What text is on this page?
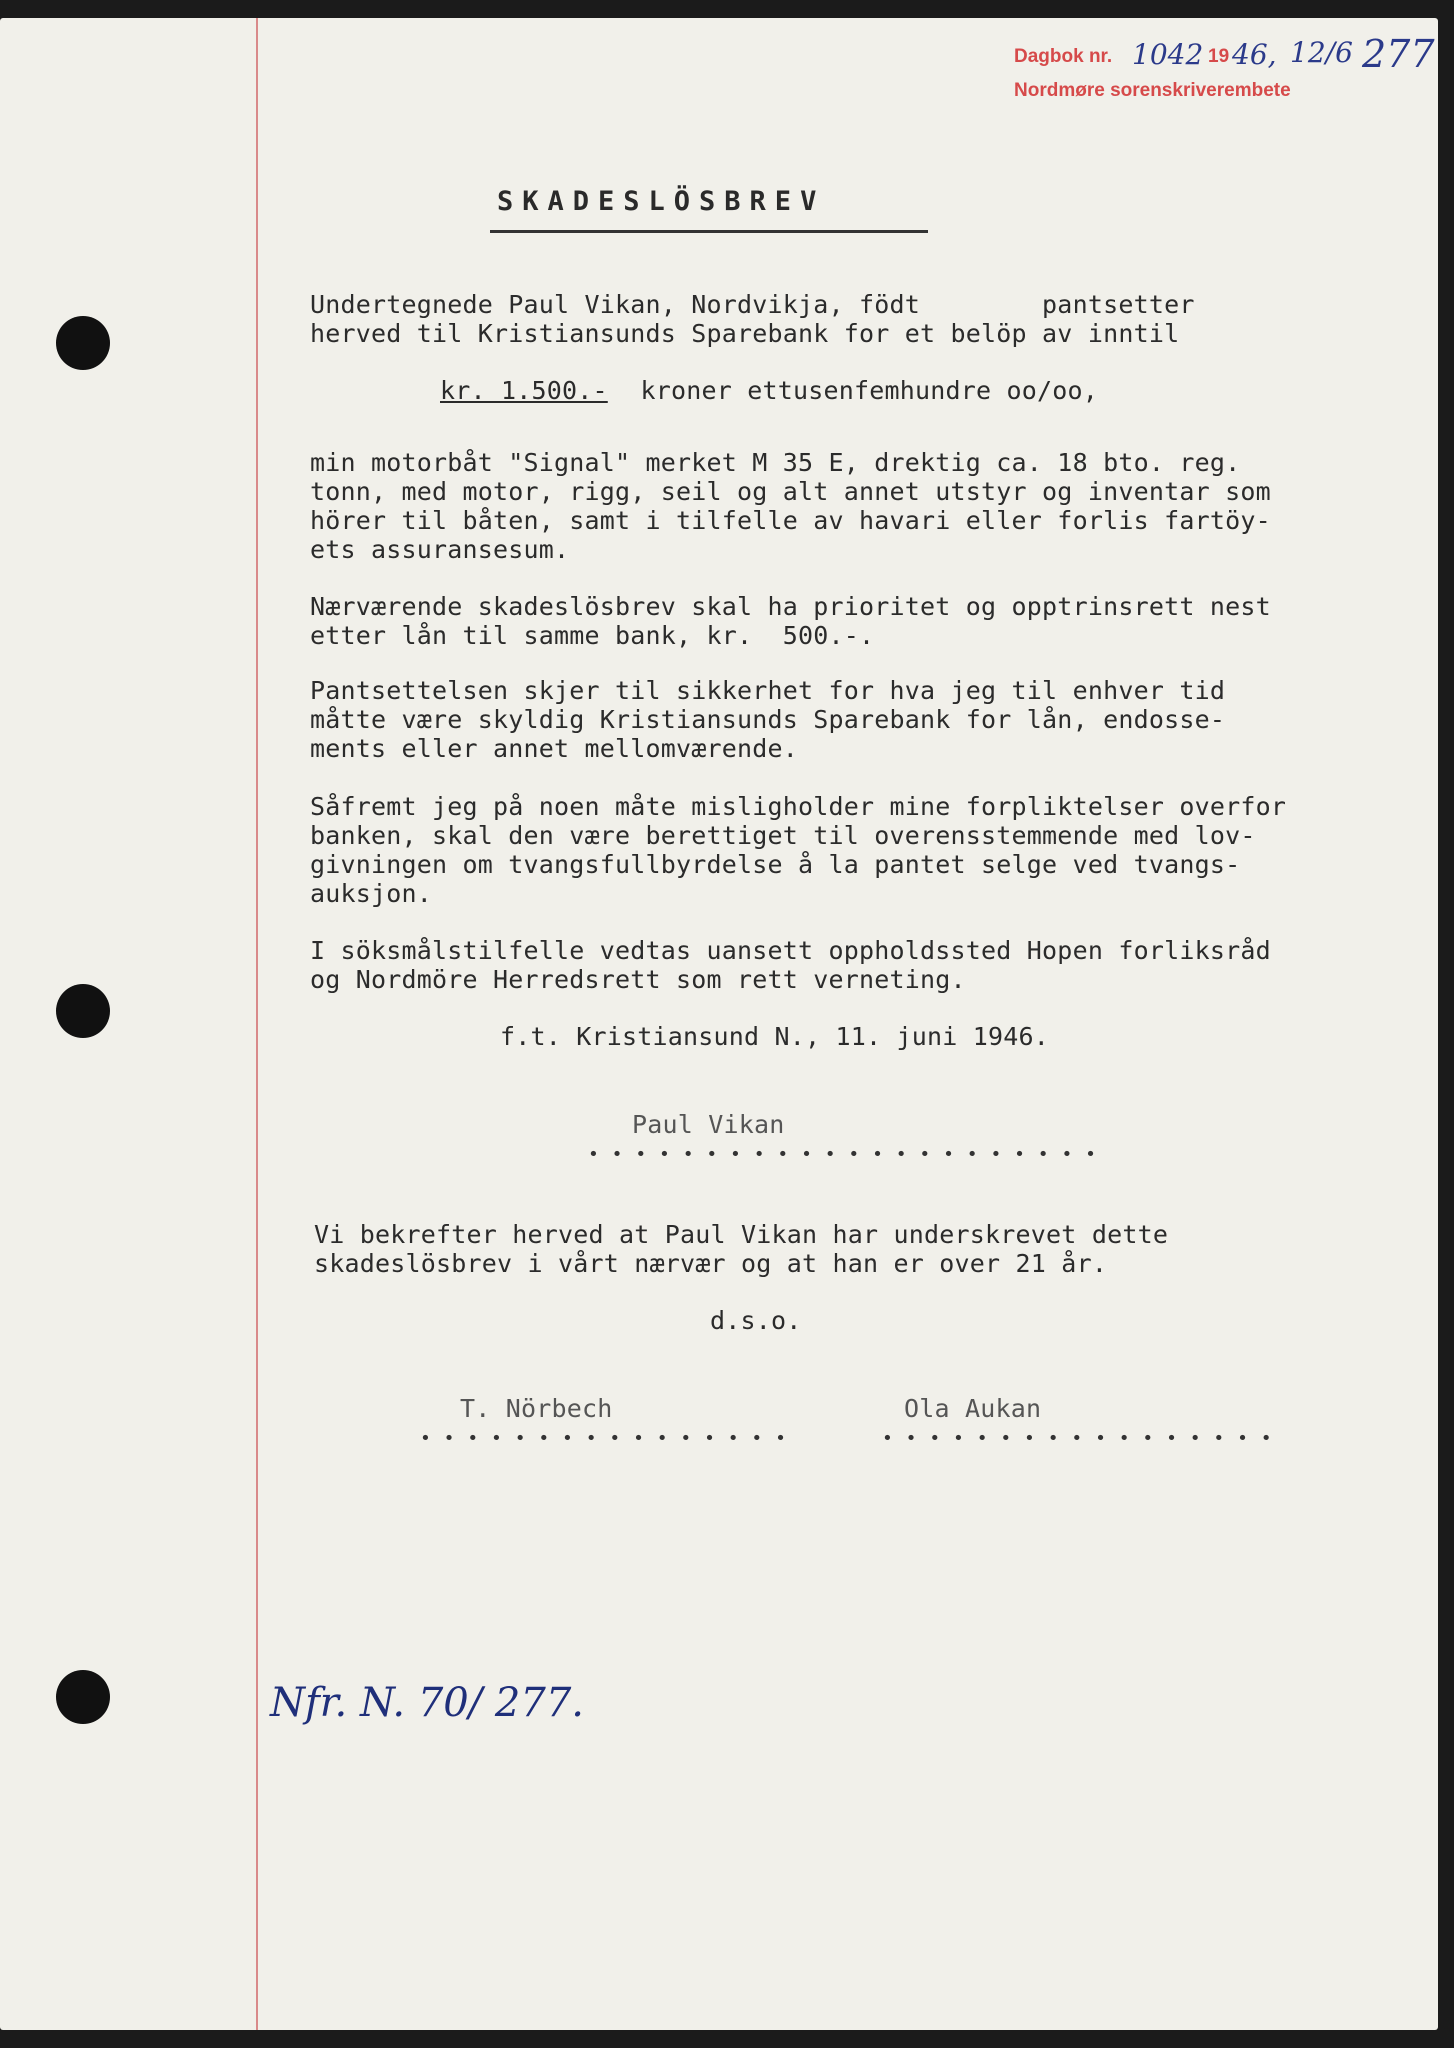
Dagbok nr. 1042 19 46, 12/6 277
Nordmøre sorenskriverembete
SKADESLÖSBREV
Undertegnede Paul Vikan, Nordvikja, födt        pantsetter
herved til Kristiansunds Sparebank for et belöp av inntil
kr. 1.500.- kroner ettusenfemhundre oo/oo,
min motorbåt "Signal" merket M 35 E, drektig ca. 18 bto. reg.
tonn, med motor, rigg, seil og alt annet utstyr og inventar som
hörer til båten, samt i tilfelle av havari eller forlis fartöy-
ets assuransesum.
Nærværende skadeslösbrev skal ha prioritet og opptrinsrett nest
etter lån til samme bank, kr.  500.-.
Pantsettelsen skjer til sikkerhet for hva jeg til enhver tid
måtte være skyldig Kristiansunds Sparebank for lån, endosse-
ments eller annet mellomværende.
Såfremt jeg på noen måte misligholder mine forpliktelser overfor
banken, skal den være berettiget til overensstemmende med lov-
givningen om tvangsfullbyrdelse å la pantet selge ved tvangs-
auksjon.
I söksmålstilfelle vedtas uansett oppholdssted Hopen forliksråd
og Nordmöre Herredsrett som rett verneting.
f.t. Kristiansund N., 11. juni 1946.
Paul Vikan
• • • • • • • • • • • • • • • • • • • • • •
Vi bekrefter herved at Paul Vikan har underskrevet dette
skadeslösbrev i vårt nærvær og at han er over 21 år.
d.s.o.
T. Nörbech
• • • • • • • • • • • • • • • •
Ola Aukan
• • • • • • • • • • • • • • • • •
Nfr. N. 70/ 277.
